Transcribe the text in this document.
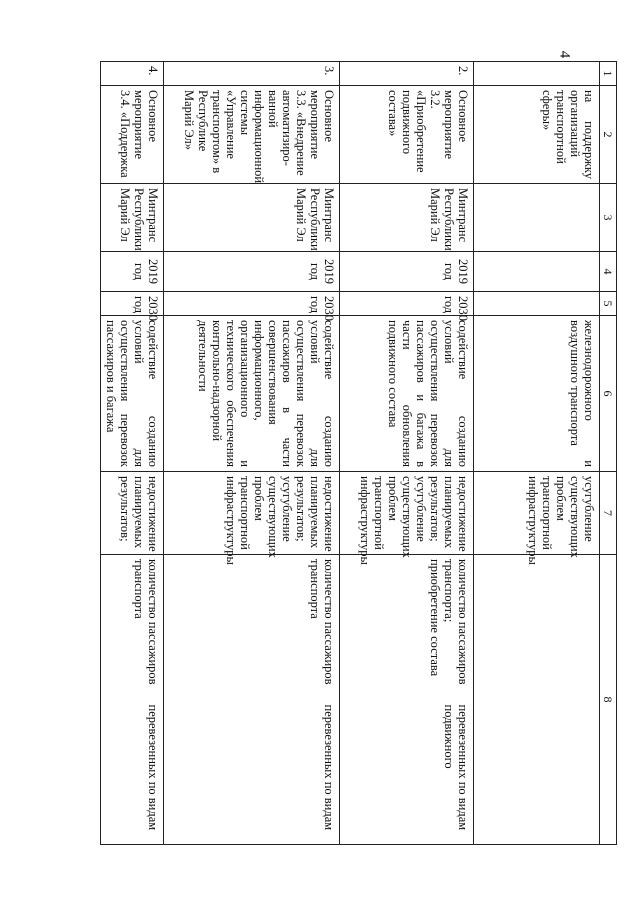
4
1	2	3	4	5	6	7	8
	на поддержку организаций транспортной сферы»				железнодорожного и воздушного транспорта	усугубление существующих проблем транспортной инфраструктуры	

2.	Основное мероприятие 3.2. «Приобретение подвижного состава»	Минтранс Республики Марий Эл	2019 год	2030 год	содействие созданию условий для осуществления перевозок пассажиров и багажа в части обновления подвижного состава	недостижение планируемых результатов; усугубление существующих проблем транспортной инфраструктуры	количество пассажиров транспорта; приобретение состава
перевезенных по видам подвижного

3.	Основное мероприятие 3.3. «Внедрение автоматизиро-ванной информационной системы «Управление транспортом» в Республике Марий Эл»	Минтранс Республики Марий Эл	2019 год	2030 год	содействие созданию условий для осуществления перевозок пассажиров в части совершенствования информационного, организационного и технического обеспечения контрольно-надзорной деятельности	недостижение планируемых результатов; усугубление существующих проблем транспортной инфраструктуры	количество пассажиров транспорта
перевезенных по видам

4.	Основное мероприятие 3.4. «Поддержка	Минтранс Республики Марий Эл	2019 год	2030 год	содействие созданию условий для осуществления перевозок пассажиров и багажа	недостижение планируемых результатов;	количество пассажиров транспорта
перевезенных по видам
